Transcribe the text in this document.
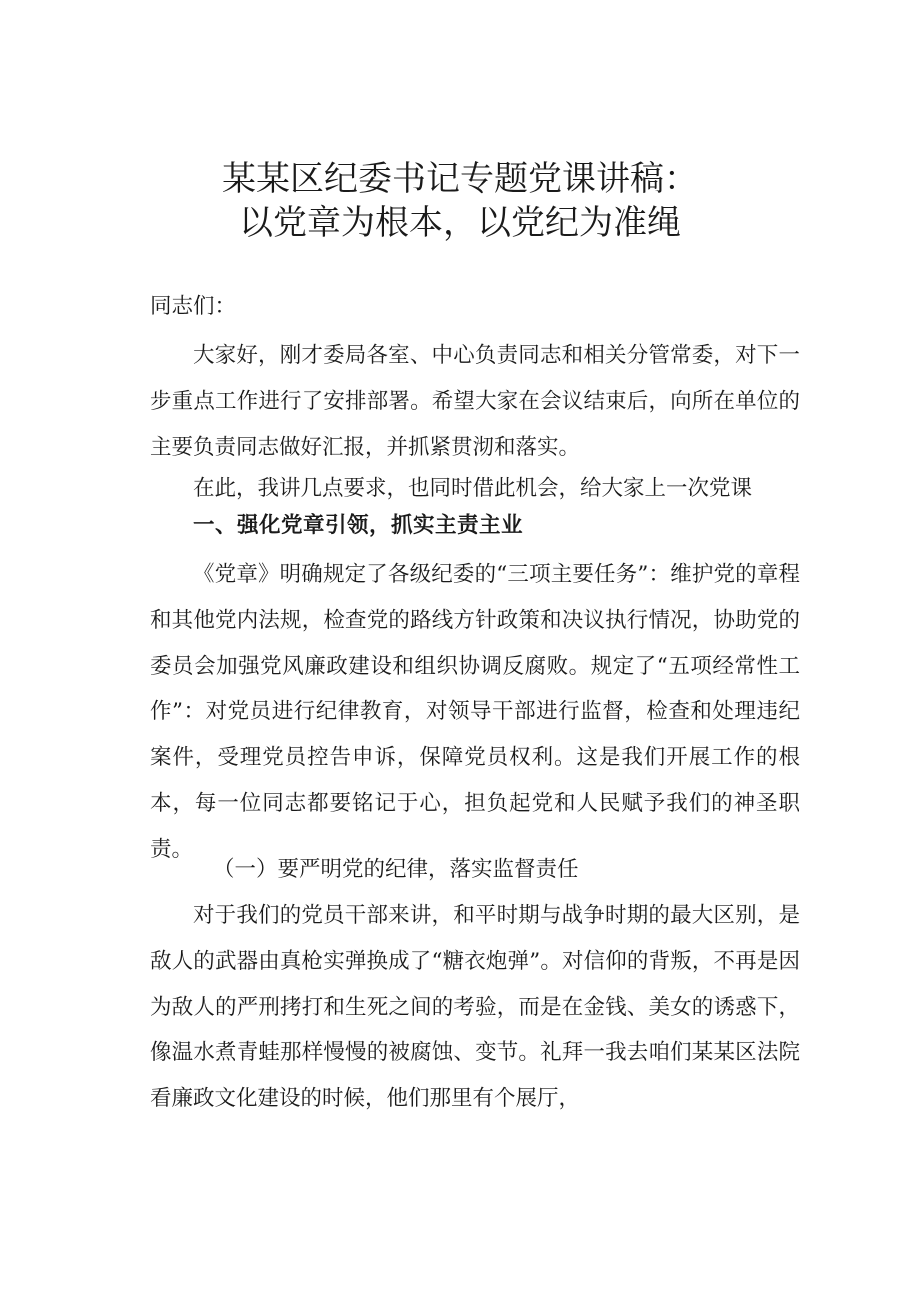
某某区纪委书记专题党课讲稿：
以党章为根本，以党纪为准绳
同志们：

大家好，刚才委局各室、中心负责同志和相关分管常委，对下一步重点工作进行了安排部署。希望大家在会议结束后，向所在单位的主要负责同志做好汇报，并抓紧贯沏和落实。

在此，我讲几点要求，也同时借此机会，给大家上一次党课

一、强化党章引领，抓实主责主业

《党章》明确规定了各级纪委的“三项主要任务”：维护党的章程和其他党内法规，检查党的路线方针政策和决议执行情况，协助党的委员会加强党风廉政建设和组织协调反腐败。规定了“五项经常性工作”：对党员进行纪律教育，对领导干部进行监督，检查和处理违纪案件，受理党员控告申诉，保障党员权利。这是我们开展工作的根本，每一位同志都要铭记于心，担负起党和人民赋予我们的神圣职责。

（一）要严明党的纪律，落实监督责任

对于我们的党员干部来讲，和平时期与战争时期的最大区别，是敌人的武器由真枪实弹换成了“糖衣炮弹”。对信仰的背叛，不再是因为敌人的严刑拷打和生死之间的考验，而是在金钱、美女的诱惑下，像温水煮青蛙那样慢慢的被腐蚀、变节。礼拜一我去咱们某某区法院看廉政文化建设的时候，他们那里有个展厅，
